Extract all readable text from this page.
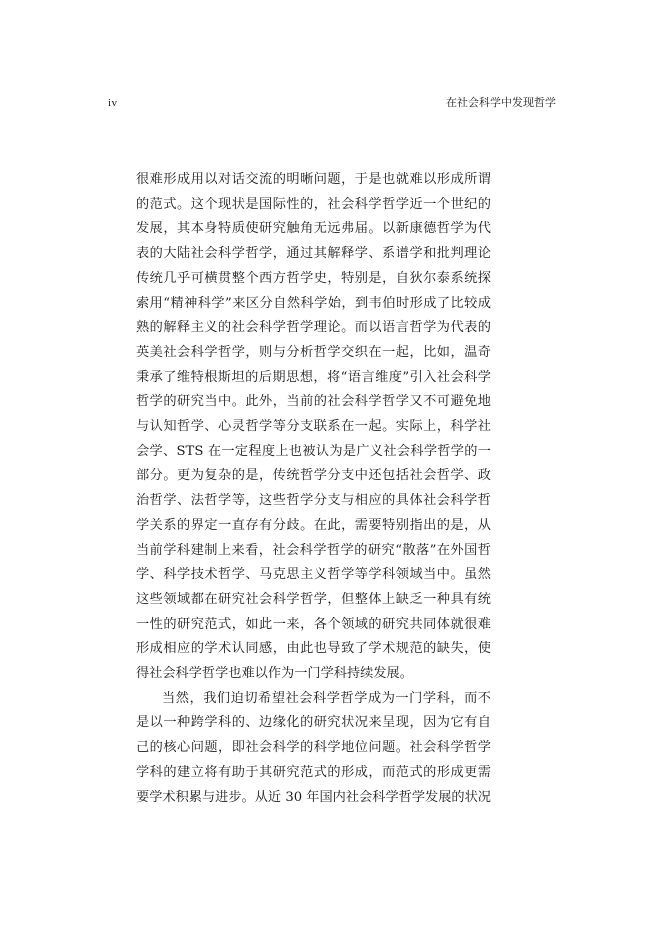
iv	在社会科学中发现哲学

很难形成用以对话交流的明晰问题，于是也就难以形成所谓的范式。这个现状是国际性的，社会科学哲学近一个世纪的发展，其本身特质使研究触角无远弗届。以新康德哲学为代表的大陆社会科学哲学，通过其解释学、系谱学和批判理论传统几乎可横贯整个西方哲学史，特别是，自狄尔泰系统探索用“精神科学”来区分自然科学始，到韦伯时形成了比较成熟的解释主义的社会科学哲学理论。而以语言哲学为代表的英美社会科学哲学，则与分析哲学交织在一起，比如，温奇秉承了维特根斯坦的后期思想，将“语言维度”引入社会科学哲学的研究当中。此外，当前的社会科学哲学又不可避免地与认知哲学、心灵哲学等分支联系在一起。实际上，科学社会学、STS 在一定程度上也被认为是广义社会科学哲学的一部分。更为复杂的是，传统哲学分支中还包括社会哲学、政治哲学、法哲学等，这些哲学分支与相应的具体社会科学哲学关系的界定一直存有分歧。在此，需要特别指出的是，从当前学科建制上来看，社会科学哲学的研究“散落”在外国哲学、科学技术哲学、马克思主义哲学等学科领域当中。虽然这些领域都在研究社会科学哲学，但整体上缺乏一种具有统一性的研究范式，如此一来，各个领域的研究共同体就很难形成相应的学术认同感，由此也导致了学术规范的缺失，使得社会科学哲学也难以作为一门学科持续发展。

当然，我们迫切希望社会科学哲学成为一门学科，而不是以一种跨学科的、边缘化的研究状况来呈现，因为它有自己的核心问题，即社会科学的科学地位问题。社会科学哲学学科的建立将有助于其研究范式的形成，而范式的形成更需要学术积累与进步。从近 30 年国内社会科学哲学发展的状况
